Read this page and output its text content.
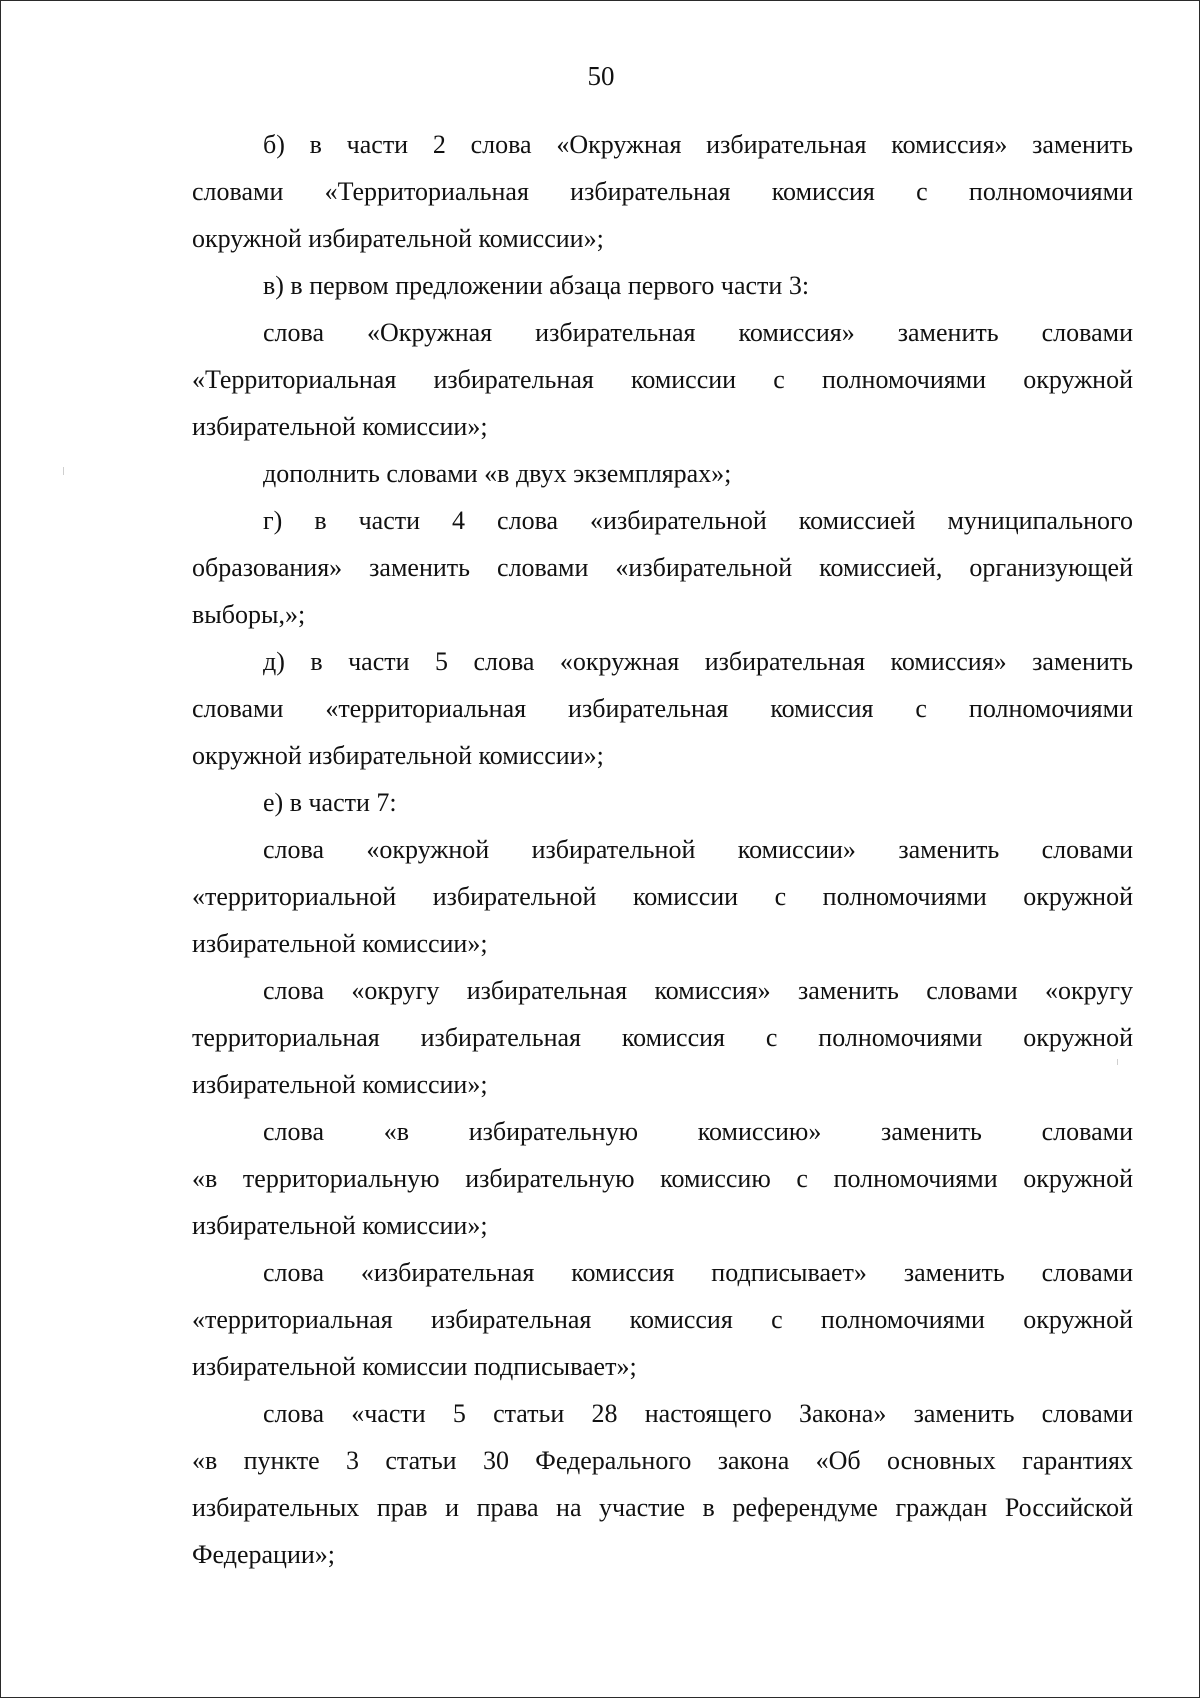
50
б) в части 2 слова «Окружная избирательная комиссия» заменить
словами «Территориальная избирательная комиссия с полномочиями
окружной избирательной комиссии»;
в) в первом предложении абзаца первого части 3:
слова «Окружная избирательная комиссия» заменить словами
«Территориальная избирательная комиссии с полномочиями окружной
избирательной комиссии»;
дополнить словами «в двух экземплярах»;
г) в части 4 слова «избирательной комиссией муниципального
образования» заменить словами «избирательной комиссией, организующей
выборы,»;
д) в части 5 слова «окружная избирательная комиссия» заменить
словами «территориальная избирательная комиссия с полномочиями
окружной избирательной комиссии»;
е) в части 7:
слова «окружной избирательной комиссии» заменить словами
«территориальной избирательной комиссии с полномочиями окружной
избирательной комиссии»;
слова «округу избирательная комиссия» заменить словами «округу
территориальная избирательная комиссия с полномочиями окружной
избирательной комиссии»;
слова «в избирательную комиссию» заменить словами
«в территориальную избирательную комиссию с полномочиями окружной
избирательной комиссии»;
слова «избирательная комиссия подписывает» заменить словами
«территориальная избирательная комиссия с полномочиями окружной
избирательной комиссии подписывает»;
слова «части 5 статьи 28 настоящего Закона» заменить словами
«в пункте 3 статьи 30 Федерального закона «Об основных гарантиях
избирательных прав и права на участие в референдуме граждан Российской
Федерации»;
